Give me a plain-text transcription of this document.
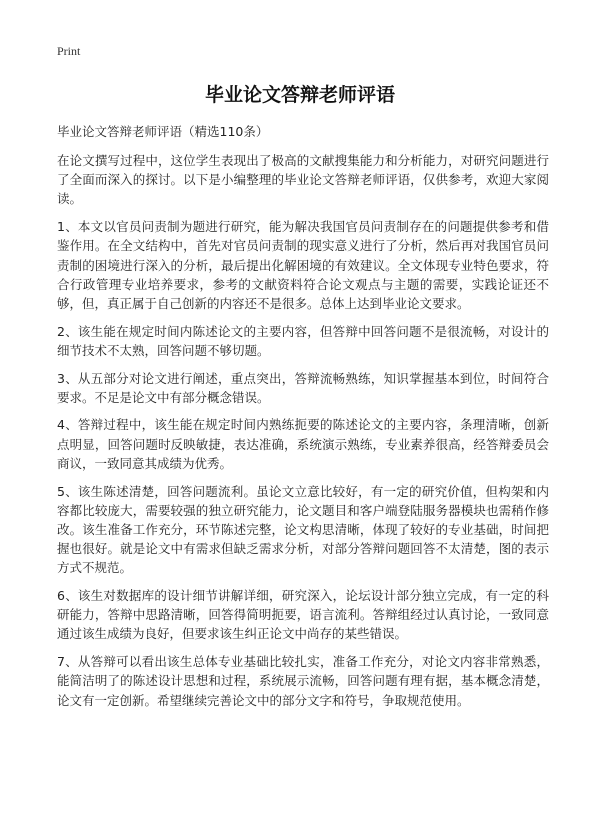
Print
毕业论文答辩老师评语

毕业论文答辩老师评语（精选110条）

在论文撰写过程中，这位学生表现出了极高的文献搜集能力和分析能力，对研究问题进行了全面而深入的探讨。以下是小编整理的毕业论文答辩老师评语，仅供参考，欢迎大家阅读。

1、本文以官员问责制为题进行研究，能为解决我国官员问责制存在的问题提供参考和借鉴作用。在全文结构中，首先对官员问责制的现实意义进行了分析，然后再对我国官员问责制的困境进行深入的分析，最后提出化解困境的有效建议。全文体现专业特色要求，符合行政管理专业培养要求，参考的文献资料符合论文观点与主题的需要，实践论证还不够，但，真正属于自己创新的内容还不是很多。总体上达到毕业论文要求。

2、该生能在规定时间内陈述论文的主要内容，但答辩中回答问题不是很流畅，对设计的细节技术不太熟，回答问题不够切题。

3、从五部分对论文进行阐述，重点突出，答辩流畅熟练，知识掌握基本到位，时间符合要求。不足是论文中有部分概念错误。

4、答辩过程中，该生能在规定时间内熟练扼要的陈述论文的主要内容，条理清晰，创新点明显，回答问题时反映敏捷，表达准确，系统演示熟练，专业素养很高，经答辩委员会商议，一致同意其成绩为优秀。

5、该生陈述清楚，回答问题流利。虽论文立意比较好，有一定的研究价值，但构架和内容都比较庞大，需要较强的独立研究能力，论文题目和客户端登陆服务器模块也需稍作修改。该生准备工作充分，环节陈述完整，论文构思清晰，体现了较好的专业基础，时间把握也很好。就是论文中有需求但缺乏需求分析，对部分答辩问题回答不太清楚，图的表示方式不规范。

6、该生对数据库的设计细节讲解详细，研究深入，论坛设计部分独立完成，有一定的科研能力，答辩中思路清晰，回答得简明扼要，语言流利。答辩组经过认真讨论，一致同意通过该生成绩为良好，但要求该生纠正论文中尚存的某些错误。

7、从答辩可以看出该生总体专业基础比较扎实，准备工作充分，对论文内容非常熟悉，能简洁明了的陈述设计思想和过程，系统展示流畅，回答问题有理有据，基本概念清楚，论文有一定创新。希望继续完善论文中的部分文字和符号，争取规范使用。
